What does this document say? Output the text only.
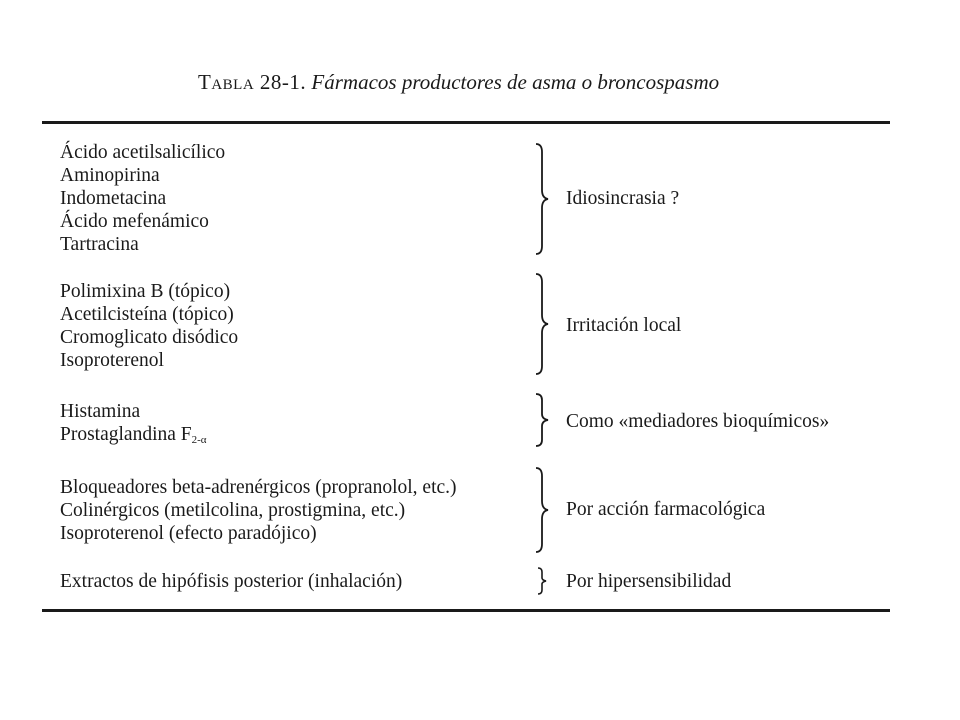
Tabla 28-1. Fármacos productores de asma o broncospasmo
Ácido acetilsalicílico
Aminopirina
Indometacina
Ácido mefenámico
Tartracina
Idiosincrasia ?
Polimixina B (tópico)
Acetilcisteína (tópico)
Cromoglicato disódico
Isoproterenol
Irritación local
Histamina
Prostaglandina $F_{2-\alpha}$
Como «mediadores bioquímicos»
Bloqueadores beta-adrenérgicos (propranolol, etc.)
Colinérgicos (metilcolina, prostigmina, etc.)
Isoproterenol (efecto paradójico)
Por acción farmacológica
Extractos de hipófisis posterior (inhalación)	Por hipersensibilidad
